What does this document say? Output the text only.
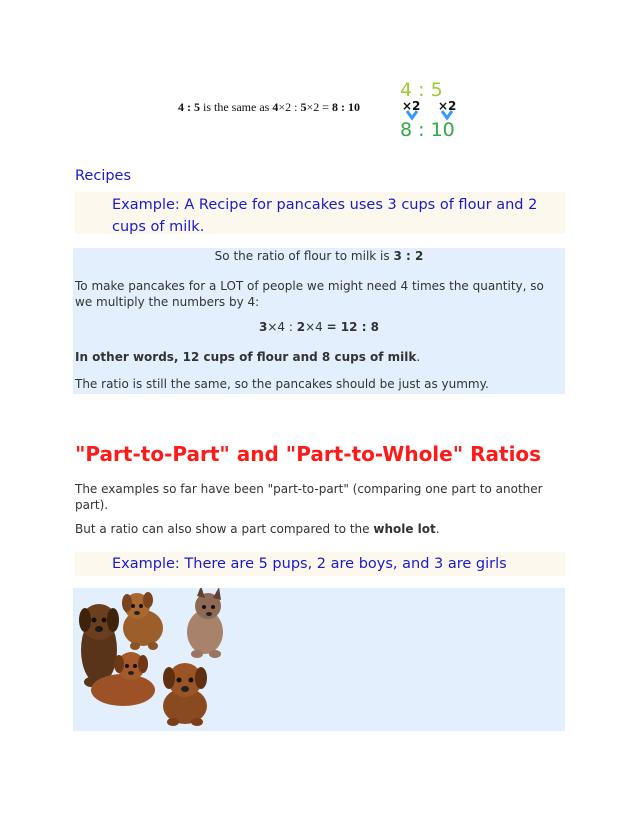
4 : 5 is the same as 4×2 : 5×2 = 8 : 10
4 : 5
×2 ×2
8 : 10
Recipes
Example: A Recipe for pancakes uses 3 cups of flour and 2 cups of milk.

So the ratio of flour to milk is 3 : 2

To make pancakes for a LOT of people we might need 4 times the quantity, so we multiply the numbers by 4:

3×4 : 2×4 = 12 : 8

In other words, 12 cups of flour and 8 cups of milk.

The ratio is still the same, so the pancakes should be just as yummy.

"Part-to-Part" and "Part-to-Whole" Ratios

The examples so far have been "part-to-part" (comparing one part to another part).

But a ratio can also show a part compared to the whole lot.

Example: There are 5 pups, 2 are boys, and 3 are girls
